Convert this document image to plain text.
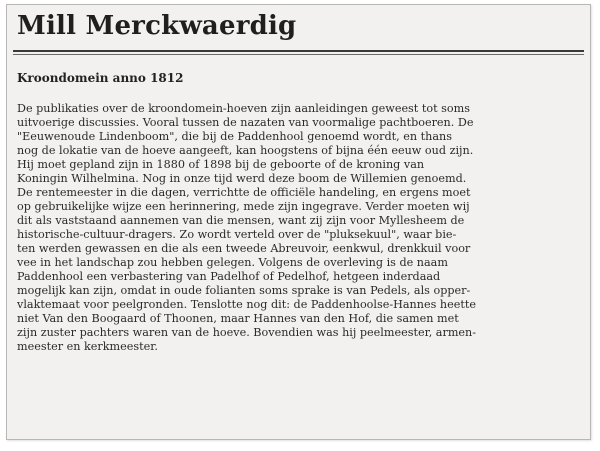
Mill Merckwaerdig
Kroondomein anno 1812
De publikaties over de kroondomein-hoeven zijn aanleidingen geweest tot soms
uitvoerige discussies. Vooral tussen de nazaten van voormalige pachtboeren. De
"Eeuwenoude Lindenboom", die bij de Paddenhool genoemd wordt, en thans
nog de lokatie van de hoeve aangeeft, kan hoogstens of bijna één eeuw oud zijn.
Hij moet gepland zijn in 1880 of 1898 bij de geboorte of de kroning van
Koningin Wilhelmina. Nog in onze tijd werd deze boom de Willemien genoemd.
De rentemeester in die dagen, verrichtte de officiële handeling, en ergens moet
op gebruikelijke wijze een herinnering, mede zijn ingegrave. Verder moeten wij
dit als vaststaand aannemen van die mensen, want zij zijn voor Myllesheem de
historische-cultuur-dragers. Zo wordt verteld over de "pluksekuul", waar bie-
ten werden gewassen en die als een tweede Abreuvoir, eenkwul, drenkkuil voor
vee in het landschap zou hebben gelegen. Volgens de overleving is de naam
Paddenhool een verbastering van Padelhof of Pedelhof, hetgeen inderdaad
mogelijk kan zijn, omdat in oude folianten soms sprake is van Pedels, als opper-
vlaktemaat voor peelgronden. Tenslotte nog dit: de Paddenhoolse-Hannes heette
niet Van den Boogaard of Thoonen, maar Hannes van den Hof, die samen met
zijn zuster pachters waren van de hoeve. Bovendien was hij peelmeester, armen-
meester en kerkmeester.
